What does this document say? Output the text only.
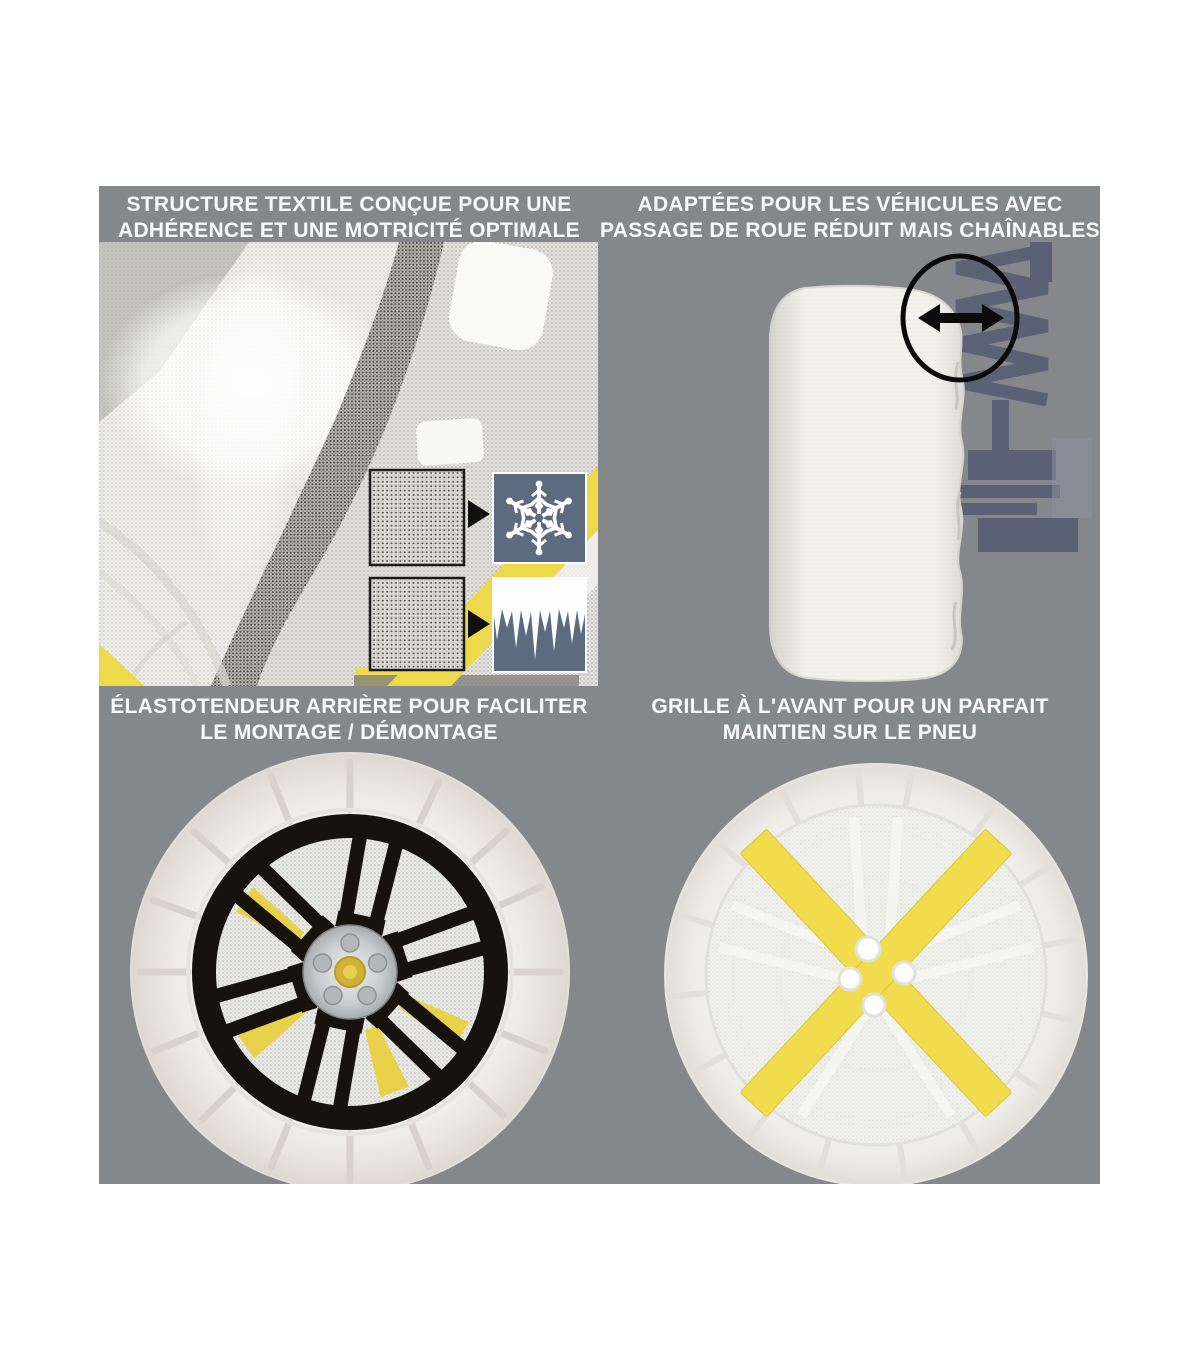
STRUCTURE TEXTILE CONÇUE POUR UNE
ADHÉRENCE ET UNE MOTRICITÉ OPTIMALE
ADAPTÉES POUR LES VÉHICULES AVEC
PASSAGE DE ROUE RÉDUIT MAIS CHAÎNABLES
ÉLASTOTENDEUR ARRIÈRE POUR FACILITER
LE MONTAGE / DÉMONTAGE
GRILLE À L'AVANT POUR UN PARFAIT
MAINTIEN SUR LE PNEU
